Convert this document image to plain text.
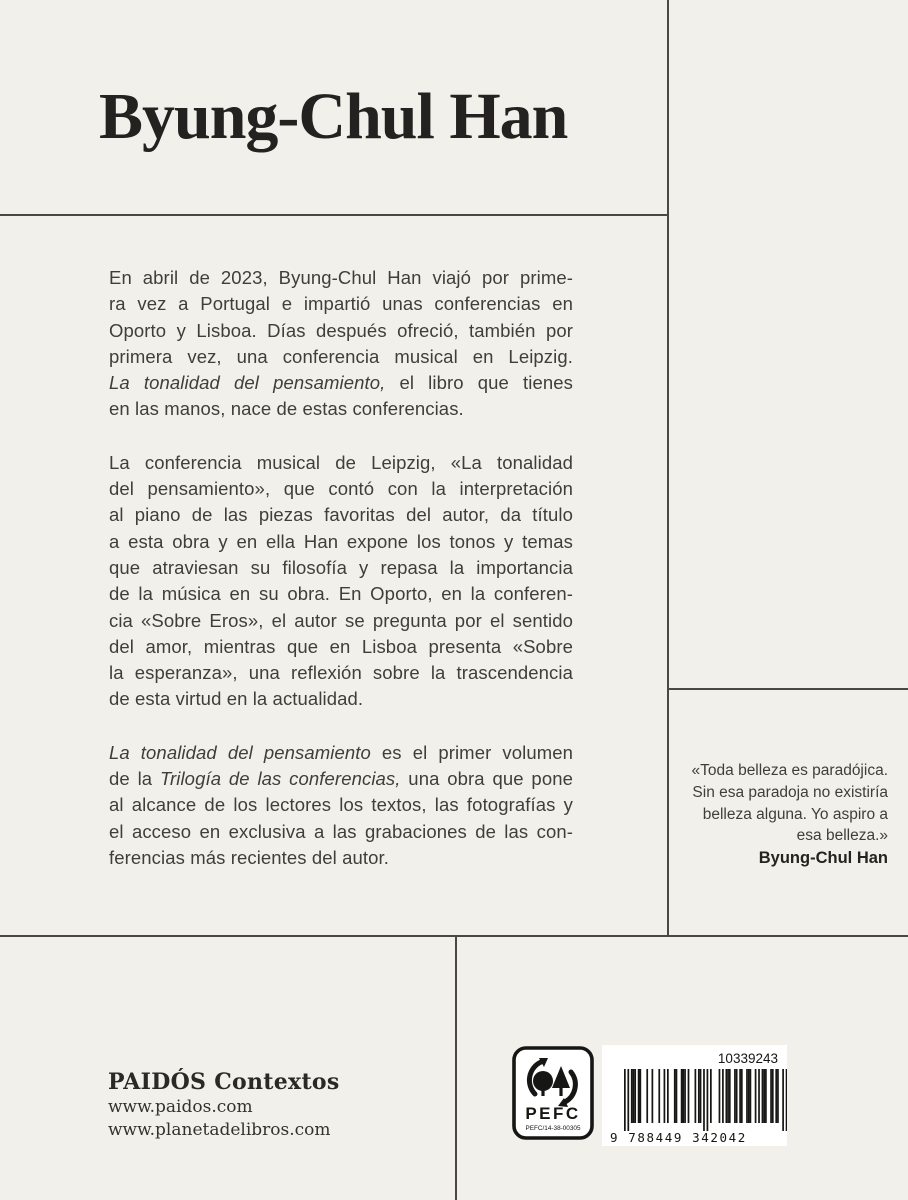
Byung-Chul Han
En abril de 2023, Byung-Chul Han viajó por prime-
ra vez a Portugal e impartió unas conferencias en
Oporto y Lisboa. Días después ofreció, también por
primera vez, una conferencia musical en Leipzig.
La tonalidad del pensamiento, el libro que tienes
en las manos, nace de estas conferencias.
La conferencia musical de Leipzig, «La tonalidad
del pensamiento», que contó con la interpretación
al piano de las piezas favoritas del autor, da título
a esta obra y en ella Han expone los tonos y temas
que atraviesan su filosofía y repasa la importancia
de la música en su obra. En Oporto, en la conferen-
cia «Sobre Eros», el autor se pregunta por el sentido
del amor, mientras que en Lisboa presenta «Sobre
la esperanza», una reflexión sobre la trascendencia
de esta virtud en la actualidad.
La tonalidad del pensamiento es el primer volumen
de la Trilogía de las conferencias, una obra que pone
al alcance de los lectores los textos, las fotografías y
el acceso en exclusiva a las grabaciones de las con-
ferencias más recientes del autor.
«Toda belleza es paradójica.
Sin esa paradoja no existiría
belleza alguna. Yo aspiro a
esa belleza.»
Byung-Chul Han
PAIDÓS Contextos
www.paidos.com
www.planetadelibros.com
PEFC
PEFC/14-38-00305
10339243
9 788449 342042
